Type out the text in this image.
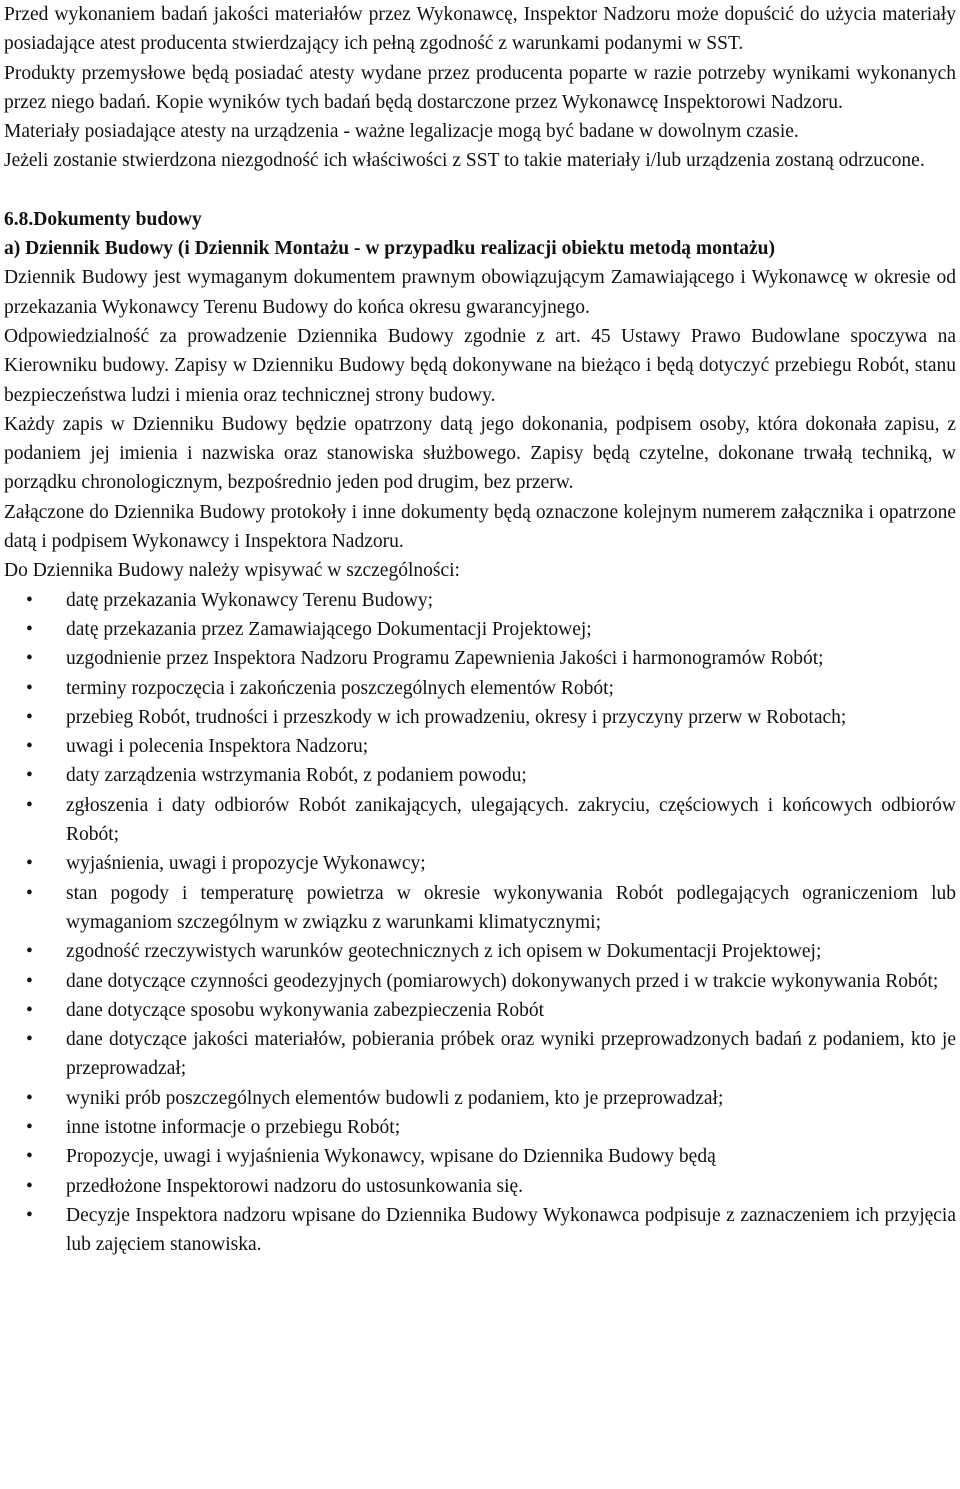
Przed wykonaniem badań jakości materiałów przez Wykonawcę, Inspektor Nadzoru może dopuścić do użycia materiały posiadające atest producenta stwierdzający ich pełną zgodność z warunkami podanymi w SST.

Produkty przemysłowe będą posiadać atesty wydane przez producenta poparte w razie potrzeby wynikami wykonanych przez niego badań. Kopie wyników tych badań będą dostarczone przez Wykonawcę Inspektorowi Nadzoru.

Materiały posiadające atesty na urządzenia - ważne legalizacje mogą być badane w dowolnym czasie.

Jeżeli zostanie stwierdzona niezgodność ich właściwości z SST to takie materiały i/lub urządzenia zostaną odrzucone.

6.8.Dokumenty budowy

a) Dziennik Budowy (i Dziennik Montażu - w przypadku realizacji obiektu metodą montażu)

Dziennik Budowy jest wymaganym dokumentem prawnym obowiązującym Zamawiającego i Wykonawcę w okresie od przekazania Wykonawcy Terenu Budowy do końca okresu gwarancyjnego.

Odpowiedzialność za prowadzenie Dziennika Budowy zgodnie z art. 45 Ustawy Prawo Budowlane spoczywa na Kierowniku budowy. Zapisy w Dzienniku Budowy będą dokonywane na bieżąco i będą dotyczyć przebiegu Robót, stanu bezpieczeństwa ludzi i mienia oraz technicznej strony budowy.

Każdy zapis w Dzienniku Budowy będzie opatrzony datą jego dokonania, podpisem osoby, która dokonała zapisu, z podaniem jej imienia i nazwiska oraz stanowiska służbowego. Zapisy będą czytelne, dokonane trwałą techniką, w porządku chronologicznym, bezpośrednio jeden pod drugim, bez przerw.

Załączone do Dziennika Budowy protokoły i inne dokumenty będą oznaczone kolejnym numerem załącznika i opatrzone datą i podpisem Wykonawcy i Inspektora Nadzoru.

Do Dziennika Budowy należy wpisywać w szczególności:

• datę przekazania Wykonawcy Terenu Budowy;
• datę przekazania przez Zamawiającego Dokumentacji Projektowej;
• uzgodnienie przez Inspektora Nadzoru Programu Zapewnienia Jakości i harmonogramów Robót;
• terminy rozpoczęcia i zakończenia poszczególnych elementów Robót;
• przebieg Robót, trudności i przeszkody w ich prowadzeniu, okresy i przyczyny przerw w Robotach;
• uwagi i polecenia Inspektora Nadzoru;
• daty zarządzenia wstrzymania Robót, z podaniem powodu;
• zgłoszenia i daty odbiorów Robót zanikających, ulegających. zakryciu, częściowych i końcowych odbiorów Robót;
• wyjaśnienia, uwagi i propozycje Wykonawcy;
• stan pogody i temperaturę powietrza w okresie wykonywania Robót podlegających ograniczeniom lub wymaganiom szczególnym w związku z warunkami klimatycznymi;
• zgodność rzeczywistych warunków geotechnicznych z ich opisem w Dokumentacji Projektowej;
• dane dotyczące czynności geodezyjnych (pomiarowych) dokonywanych przed i w trakcie wykonywania Robót;
• dane dotyczące sposobu wykonywania zabezpieczenia Robót
• dane dotyczące jakości materiałów, pobierania próbek oraz wyniki przeprowadzonych badań z podaniem, kto je przeprowadzał;
• wyniki prób poszczególnych elementów budowli z podaniem, kto je przeprowadzał;
• inne istotne informacje o przebiegu Robót;
• Propozycje, uwagi i wyjaśnienia Wykonawcy, wpisane do Dziennika Budowy będą
• przedłożone Inspektorowi nadzoru do ustosunkowania się.
• Decyzje Inspektora nadzoru wpisane do Dziennika Budowy Wykonawca podpisuje z zaznaczeniem ich przyjęcia lub zajęciem stanowiska.
